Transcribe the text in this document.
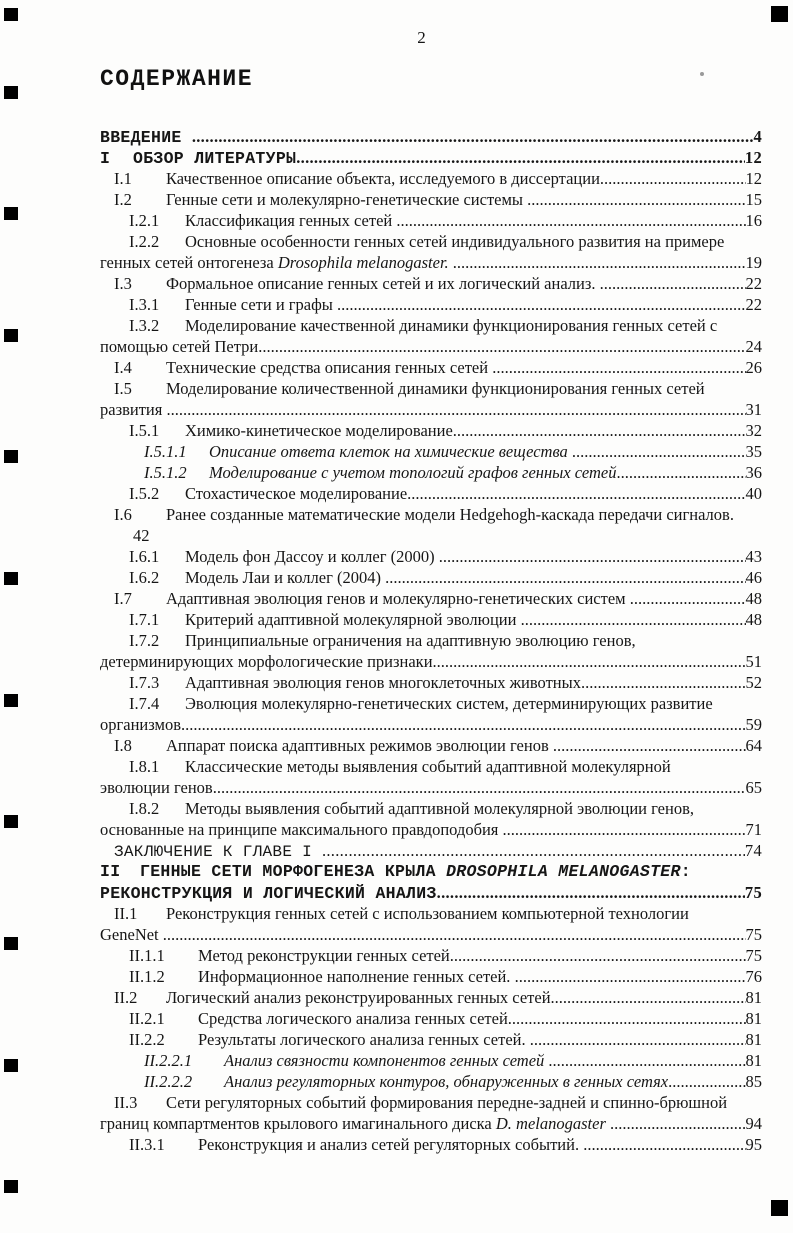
2
СОДЕРЖАНИЕ
ВВЕДЕНИЕ .....	4
I	ОБЗОР ЛИТЕРАТУРЫ .....	12
I.1	Качественное описание объекта, исследуемого в диссертации .....	12
I.2	Генные сети и молекулярно-генетические системы .....	15
I.2.1	Классификация генных сетей .....	16
I.2.2	Основные особенности генных сетей индивидуального развития на примере
генных сетей онтогенеза Drosophila melanogaster.
.....	19
I.3	Формальное описание генных сетей и их логический анализ. .....	22
I.3.1	Генные сети и графы .....	22
I.3.2	Моделирование качественной динамики функционирования генных сетей с
помощью сетей Петри .....	24
I.4	Технические средства описания генных сетей .....	26
I.5	Моделирование количественной динамики функционирования генных сетей
развития .....	31
I.5.1	Химико-кинетическое моделирование .....	32
I.5.1.1	Описание ответа клеток на химические вещества .....	35
I.5.1.2	Моделирование с учетом топологий графов генных сетей .....	36
I.5.2	Стохастическое моделирование .....	40
I.6	Ранее созданные математические модели Hedgehogh-каскада передачи сигналов.
42
I.6.1	Модель фон Дассоу и коллег (2000) .....	43
I.6.2	Модель Лаи и коллег (2004) .....	46
I.7	Адаптивная эволюция генов и молекулярно-генетических систем .....	48
I.7.1	Критерий адаптивной молекулярной эволюции .....	48
I.7.2	Принципиальные ограничения на адаптивную эволюцию генов,
детерминирующих морфологические признаки .....	51
I.7.3	Адаптивная эволюция генов многоклеточных животных .....	52
I.7.4	Эволюция молекулярно-генетических систем, детерминирующих развитие
организмов .....	59
I.8	Аппарат поиска адаптивных режимов эволюции генов .....	64
I.8.1	Классические методы выявления событий адаптивной молекулярной
эволюции генов. .....	65
I.8.2	Методы выявления событий адаптивной молекулярной эволюции генов,
основанные на принципе максимального правдоподобия .....	71
ЗАКЛЮЧЕНИЕ К ГЛАВЕ I .....	74
II	ГЕННЫЕ СЕТИ МОРФОГЕНЕЗА КРЫЛА DROSOPHILA MELANOGASTER :
РЕКОНСТРУКЦИЯ И ЛОГИЧЕСКИЙ АНАЛИЗ .....	75
II.1	Реконструкция генных сетей с использованием компьютерной технологии
GeneNet .....	75
II.1.1	Метод реконструкции генных сетей. .....	75
II.1.2	Информационное наполнение генных сетей. .....	76
II.2	Логический анализ реконструированных генных сетей .....	81
II.2.1	Средства логического анализа генных сетей. .....	81
II.2.2	Результаты логического анализа генных сетей. .....	81
II.2.2.1	Анализ связности компонентов генных сетей .....	81
II.2.2.2	Анализ регуляторных контуров, обнаруженных в генных сетях .....	85
II.3	Сети регуляторных событий формирования передне-задней и спинно-брюшной
границ компартментов крылового имагинального диска D. melanogaster
.....	94
II.3.1	Реконструкция и анализ сетей регуляторных событий. .....	95
